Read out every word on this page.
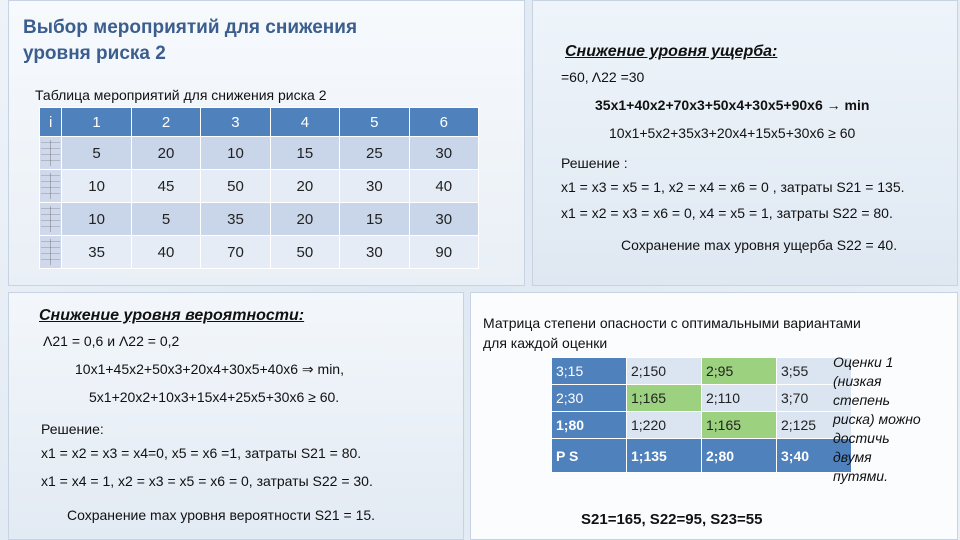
Выбор мероприятий для снижения уровня риска 2
Таблица мероприятий для снижения риска 2
i	1	2	3	4	5	6

	5	20	10	15	25	30

	10	45	50	20	30	40

	10	5	35	20	15	30

	35	40	70	50	30	90
Снижение уровня ущерба:
=60, Λ22 =30
35x1+40x2+70x3+50x4+30x5+90x6 → min
10x1+5x2+35x3+20x4+15x5+30x6 ≥ 60
Решение :
x1 = x3 = x5 = 1, x2 = x4 = x6 = 0 , затраты S21 = 135.
x1 = x2 = x3 = x6 = 0, x4 = x5 = 1, затраты S22 = 80.
Сохранение max уровня ущерба S22 = 40.
Снижение уровня вероятности:
Λ21 = 0,6 и Λ22 = 0,2
10x1+45x2+50x3+20x4+30x5+40x6 ⇒ min,
5x1+20x2+10x3+15x4+25x5+30x6 ≥ 60.
Решение:
x1 = x2 = x3 = x4=0, x5 = x6 =1, затраты S21 = 80.
x1 = x4 = 1, x2 = x3 = x5 = x6 = 0, затраты S22 = 30.
Сохранение max уровня вероятности S21 = 15.
Матрица степени опасности с оптимальными вариантами для каждой оценки
3;15	2;150	2;95	3;55
2;30	1;165	2;110	3;70
1;80	1;220	1;165	2;125
P S	1;135	2;80	3;40
Оценки 1 (низкая степень риска) можно достичь двумя путями.
S21=165, S22=95, S23=55
